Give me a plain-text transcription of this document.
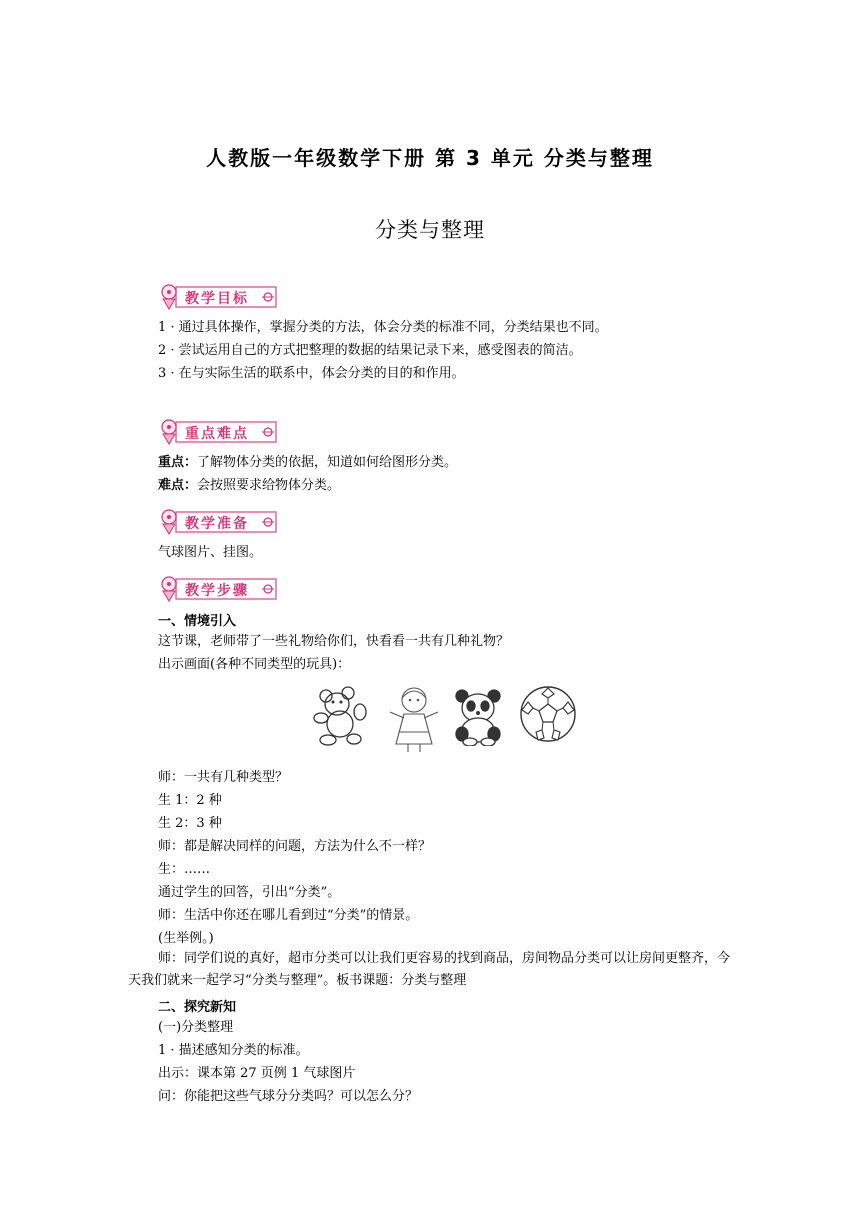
人教版一年级数学下册 第 3 单元 分类与整理
分类与整理
教学目标
1 · 通过具体操作，掌握分类的方法，体会分类的标准不同，分类结果也不同。
2 · 尝试运用自己的方式把整理的数据的结果记录下来，感受图表的简洁。
3 · 在与实际生活的联系中，体会分类的目的和作用。
重点难点
重点：了解物体分类的依据，知道如何给图形分类。
难点：会按照要求给物体分类。
教学准备
气球图片、挂图。
教学步骤
一、情境引入
这节课，老师带了一些礼物给你们，快看看一共有几种礼物？
出示画面(各种不同类型的玩具)：
师：一共有几种类型？
生 1：2 种
生 2：3 种
师：都是解决同样的问题，方法为什么不一样？
生：……
通过学生的回答，引出“分类”。
师：生活中你还在哪儿看到过“分类”的情景。
(生举例。)
师：同学们说的真好，超市分类可以让我们更容易的找到商品，房间物品分类可以让房间更整齐，今天我们就来一起学习“分类与整理”。板书课题：分类与整理
二、探究新知
(一)分类整理
1 · 描述感知分类的标准。
出示：课本第 27 页例 1 气球图片
问：你能把这些气球分分类吗？可以怎么分？
